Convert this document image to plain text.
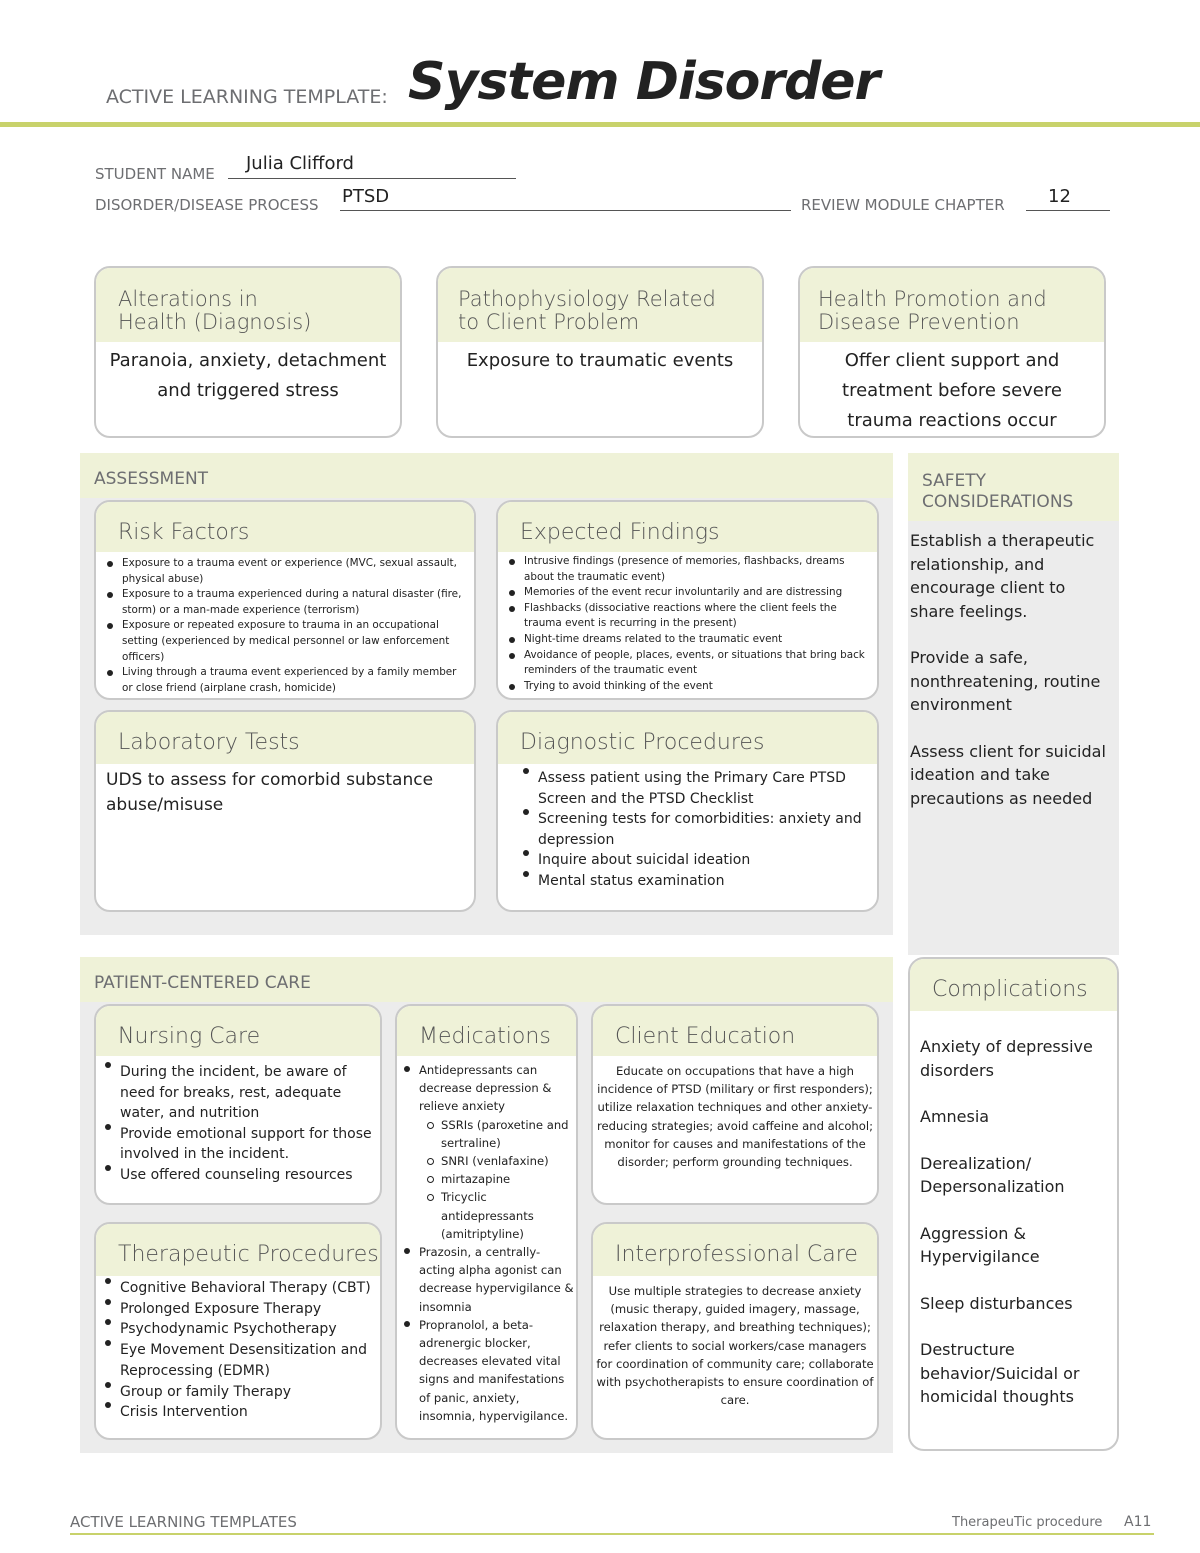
ACTIVE LEARNING TEMPLATE: System Disorder
STUDENT NAME Julia Clifford
DISORDER/DISEASE PROCESS PTSD	REVIEW MODULE CHAPTER 12
Alterations in
Health (Diagnosis)
Paranoia, anxiety, detachment and triggered stress
Pathophysiology Related
to Client Problem
Exposure to traumatic events
Health Promotion and
Disease Prevention
Offer client support and treatment before severe trauma reactions occur
ASSESSMENT
Risk Factors
Exposure to a trauma event or experience (MVC, sexual assault, physical abuse)
Exposure to a trauma experienced during a natural disaster (fire, storm) or a man-made experience (terrorism)
Exposure or repeated exposure to trauma in an occupational setting (experienced by medical personnel or law enforcement officers)
Living through a trauma event experienced by a family member or close friend (airplane crash, homicide)
Expected Findings
Intrusive findings (presence of memories, flashbacks, dreams about the traumatic event)
Memories of the event recur involuntarily and are distressing
Flashbacks (dissociative reactions where the client feels the trauma event is recurring in the present)
Night-time dreams related to the traumatic event
Avoidance of people, places, events, or situations that bring back reminders of the traumatic event
Trying to avoid thinking of the event
Laboratory Tests
UDS to assess for comorbid substance abuse/misuse
Diagnostic Procedures
Assess patient using the Primary Care PTSD Screen and the PTSD Checklist
Screening tests for comorbidities: anxiety and depression
Inquire about suicidal ideation
Mental status examination
SAFETY
CONSIDERATIONS

Establish a therapeutic relationship, and encourage client to share feelings.

Provide a safe, nonthreatening, routine environment

Assess client for suicidal ideation and take precautions as needed

PATIENT-CENTERED CARE
Nursing Care
During the incident, be aware of need for breaks, rest, adequate water, and nutrition
Provide emotional support for those involved in the incident.
Use offered counseling resources
Medications
Antidepressants can decrease depression & relieve anxiety
SSRIs (paroxetine and sertraline)
SNRI (venlafaxine)
mirtazapine
Tricyclic antidepressants (amitriptyline)
Prazosin, a centrally-acting alpha agonist can decrease hypervigilance & insomnia
Propranolol, a beta-adrenergic blocker, decreases elevated vital signs and manifestations of panic, anxiety, insomnia, hypervigilance.
Client Education
Educate on occupations that have a high incidence of PTSD (military or first responders); utilize relaxation techniques and other anxiety- reducing strategies; avoid caffeine and alcohol; monitor for causes and manifestations of the disorder; perform grounding techniques.
Therapeutic Procedures
Cognitive Behavioral Therapy (CBT)
Prolonged Exposure Therapy
Psychodynamic Psychotherapy
Eye Movement Desensitization and Reprocessing (EDMR)
Group or family Therapy
Crisis Intervention
Interprofessional Care
Use multiple strategies to decrease anxiety (music therapy, guided imagery, massage, relaxation therapy, and breathing techniques); refer clients to social workers/case managers for coordination of community care; collaborate with psychotherapists to ensure coordination of care.
Complications

Anxiety of depressive disorders

Amnesia

Derealization/ Depersonalization

Aggression & Hypervigilance

Sleep disturbances

Destructure behavior/Suicidal or homicidal thoughts

ACTIVE LEARNING TEMPLATES	TherapeuTic procedure A11
